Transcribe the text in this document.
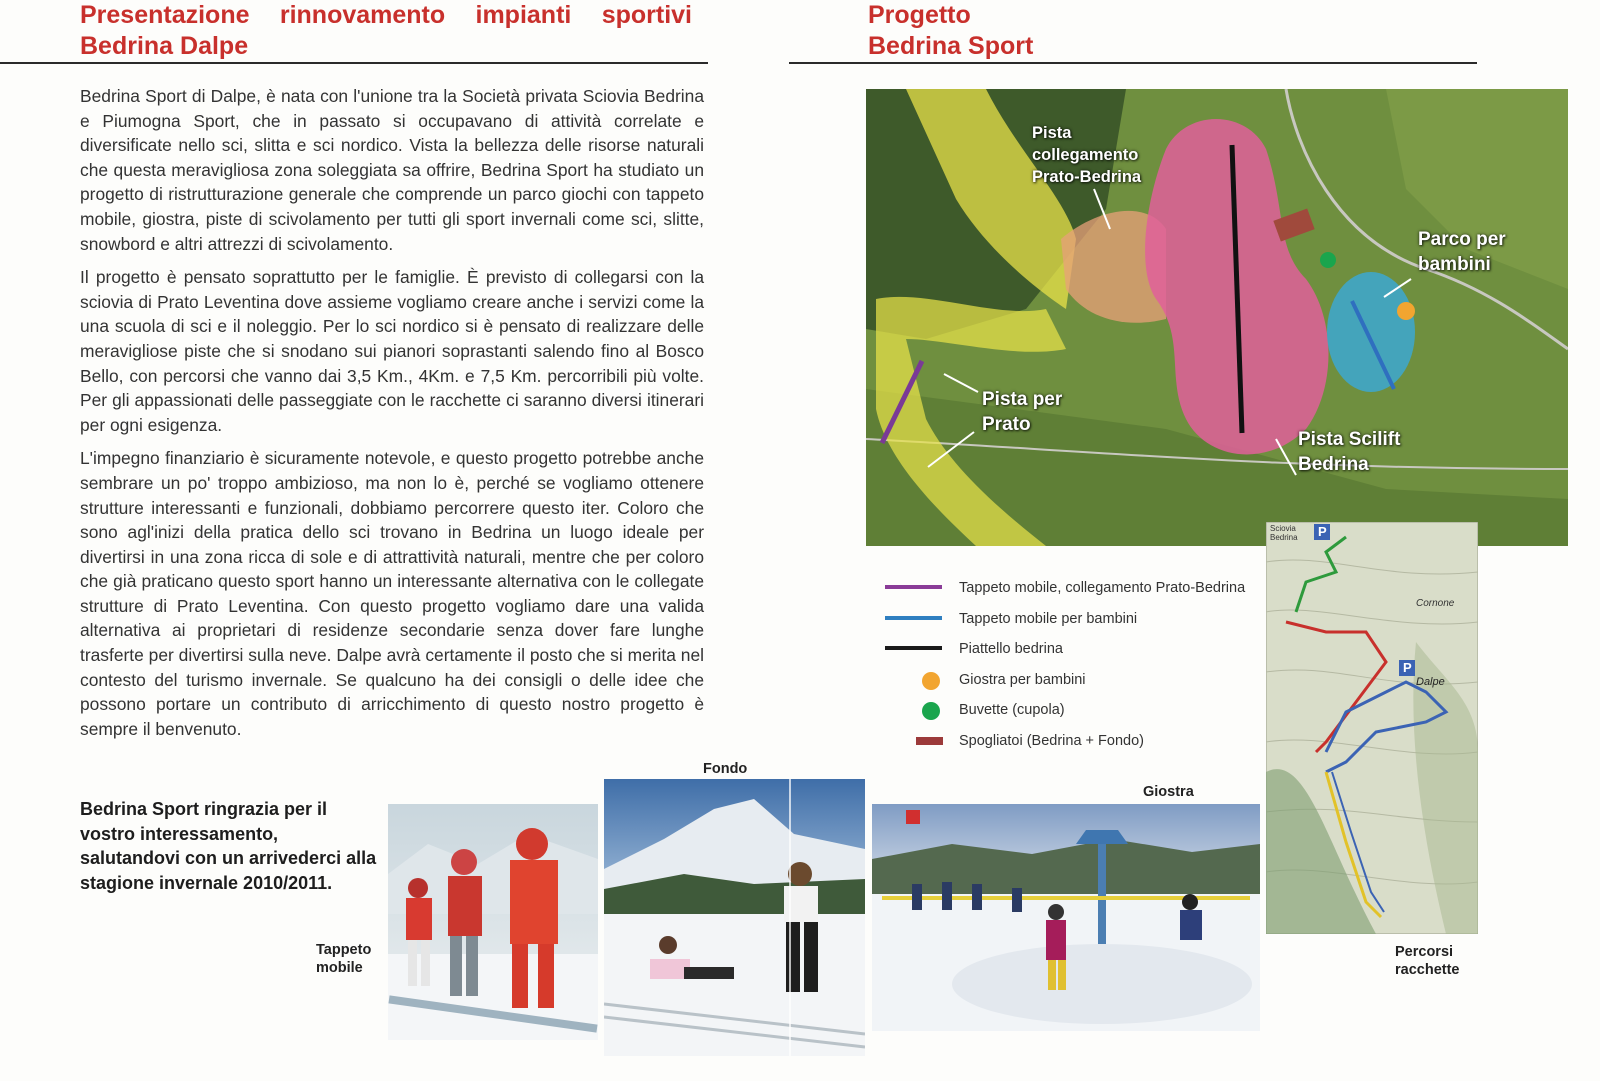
Presentazione rinnovamento impianti sportivi
Bedrina Dalpe

Bedrina Sport di Dalpe, è nata con l'unione tra la Società privata Sciovia Bedrina e Piumogna Sport, che in passato si occupavano di attività correlate e diversificate nello sci, slitta e sci nordico. Vista la bellezza delle risorse naturali che questa meravigliosa zona soleggiata sa offrire, Bedrina Sport ha studiato un progetto di ristrutturazione generale che comprende un parco giochi con tappeto mobile, giostra, piste di scivolamento per tutti gli sport invernali come sci, slitte, snowbord e altri attrezzi di scivolamento.

Il progetto è pensato soprattutto per le famiglie. È previsto di collegarsi con la sciovia di Prato Leventina dove assieme vogliamo creare anche i servizi come la una scuola di sci e il noleggio. Per lo sci nordico si è pensato di realizzare delle meravigliose piste che si snodano sui pianori soprastanti salendo fino al Bosco Bello, con percorsi che vanno dai 3,5 Km., 4Km. e 7,5 Km. percorribili più volte. Per gli appassionati delle passeggiate con le racchette ci saranno diversi itinerari per ogni esigenza.

L'impegno finanziario è sicuramente notevole, e questo progetto potrebbe anche sembrare un po' troppo ambizioso, ma non lo è, perché se vogliamo ottenere strutture interessanti e funzionali, dobbiamo percorrere questo iter. Coloro che sono agl'inizi della pratica dello sci trovano in Bedrina un luogo ideale per divertirsi in una zona ricca di sole e di attrattività naturali, mentre che per coloro che già praticano questo sport hanno un interessante alternativa con le collegate strutture di Prato Leventina. Con questo progetto vogliamo dare una valida alternativa ai proprietari di residenze secondarie senza dover fare lunghe trasferte per divertirsi sulla neve. Dalpe avrà certamente il posto che si merita nel contesto del turismo invernale. Se qualcuno ha dei consigli o delle idee che possono portare un contributo di arricchimento di questo nostro progetto è sempre il benvenuto.

Bedrina Sport ringrazia per il vostro interessamento, salutandovi con un arrivederci alla stagione invernale 2010/2011.
Tappeto mobile
Fondo
Progetto
Bedrina Sport
Pista collegamento Prato-Bedrina
Parco per bambini
Pista per Prato
Pista Scilift Bedrina
Tappeto mobile, collegamento Prato-Bedrina
Tappeto mobile per bambini
Piattello bedrina
Giostra per bambini
Buvette (cupola)
Spogliatoi (Bedrina + Fondo)
P
P
Sciovia Bedrina
Cornone
Dalpe
Percorsi racchette
Giostra
